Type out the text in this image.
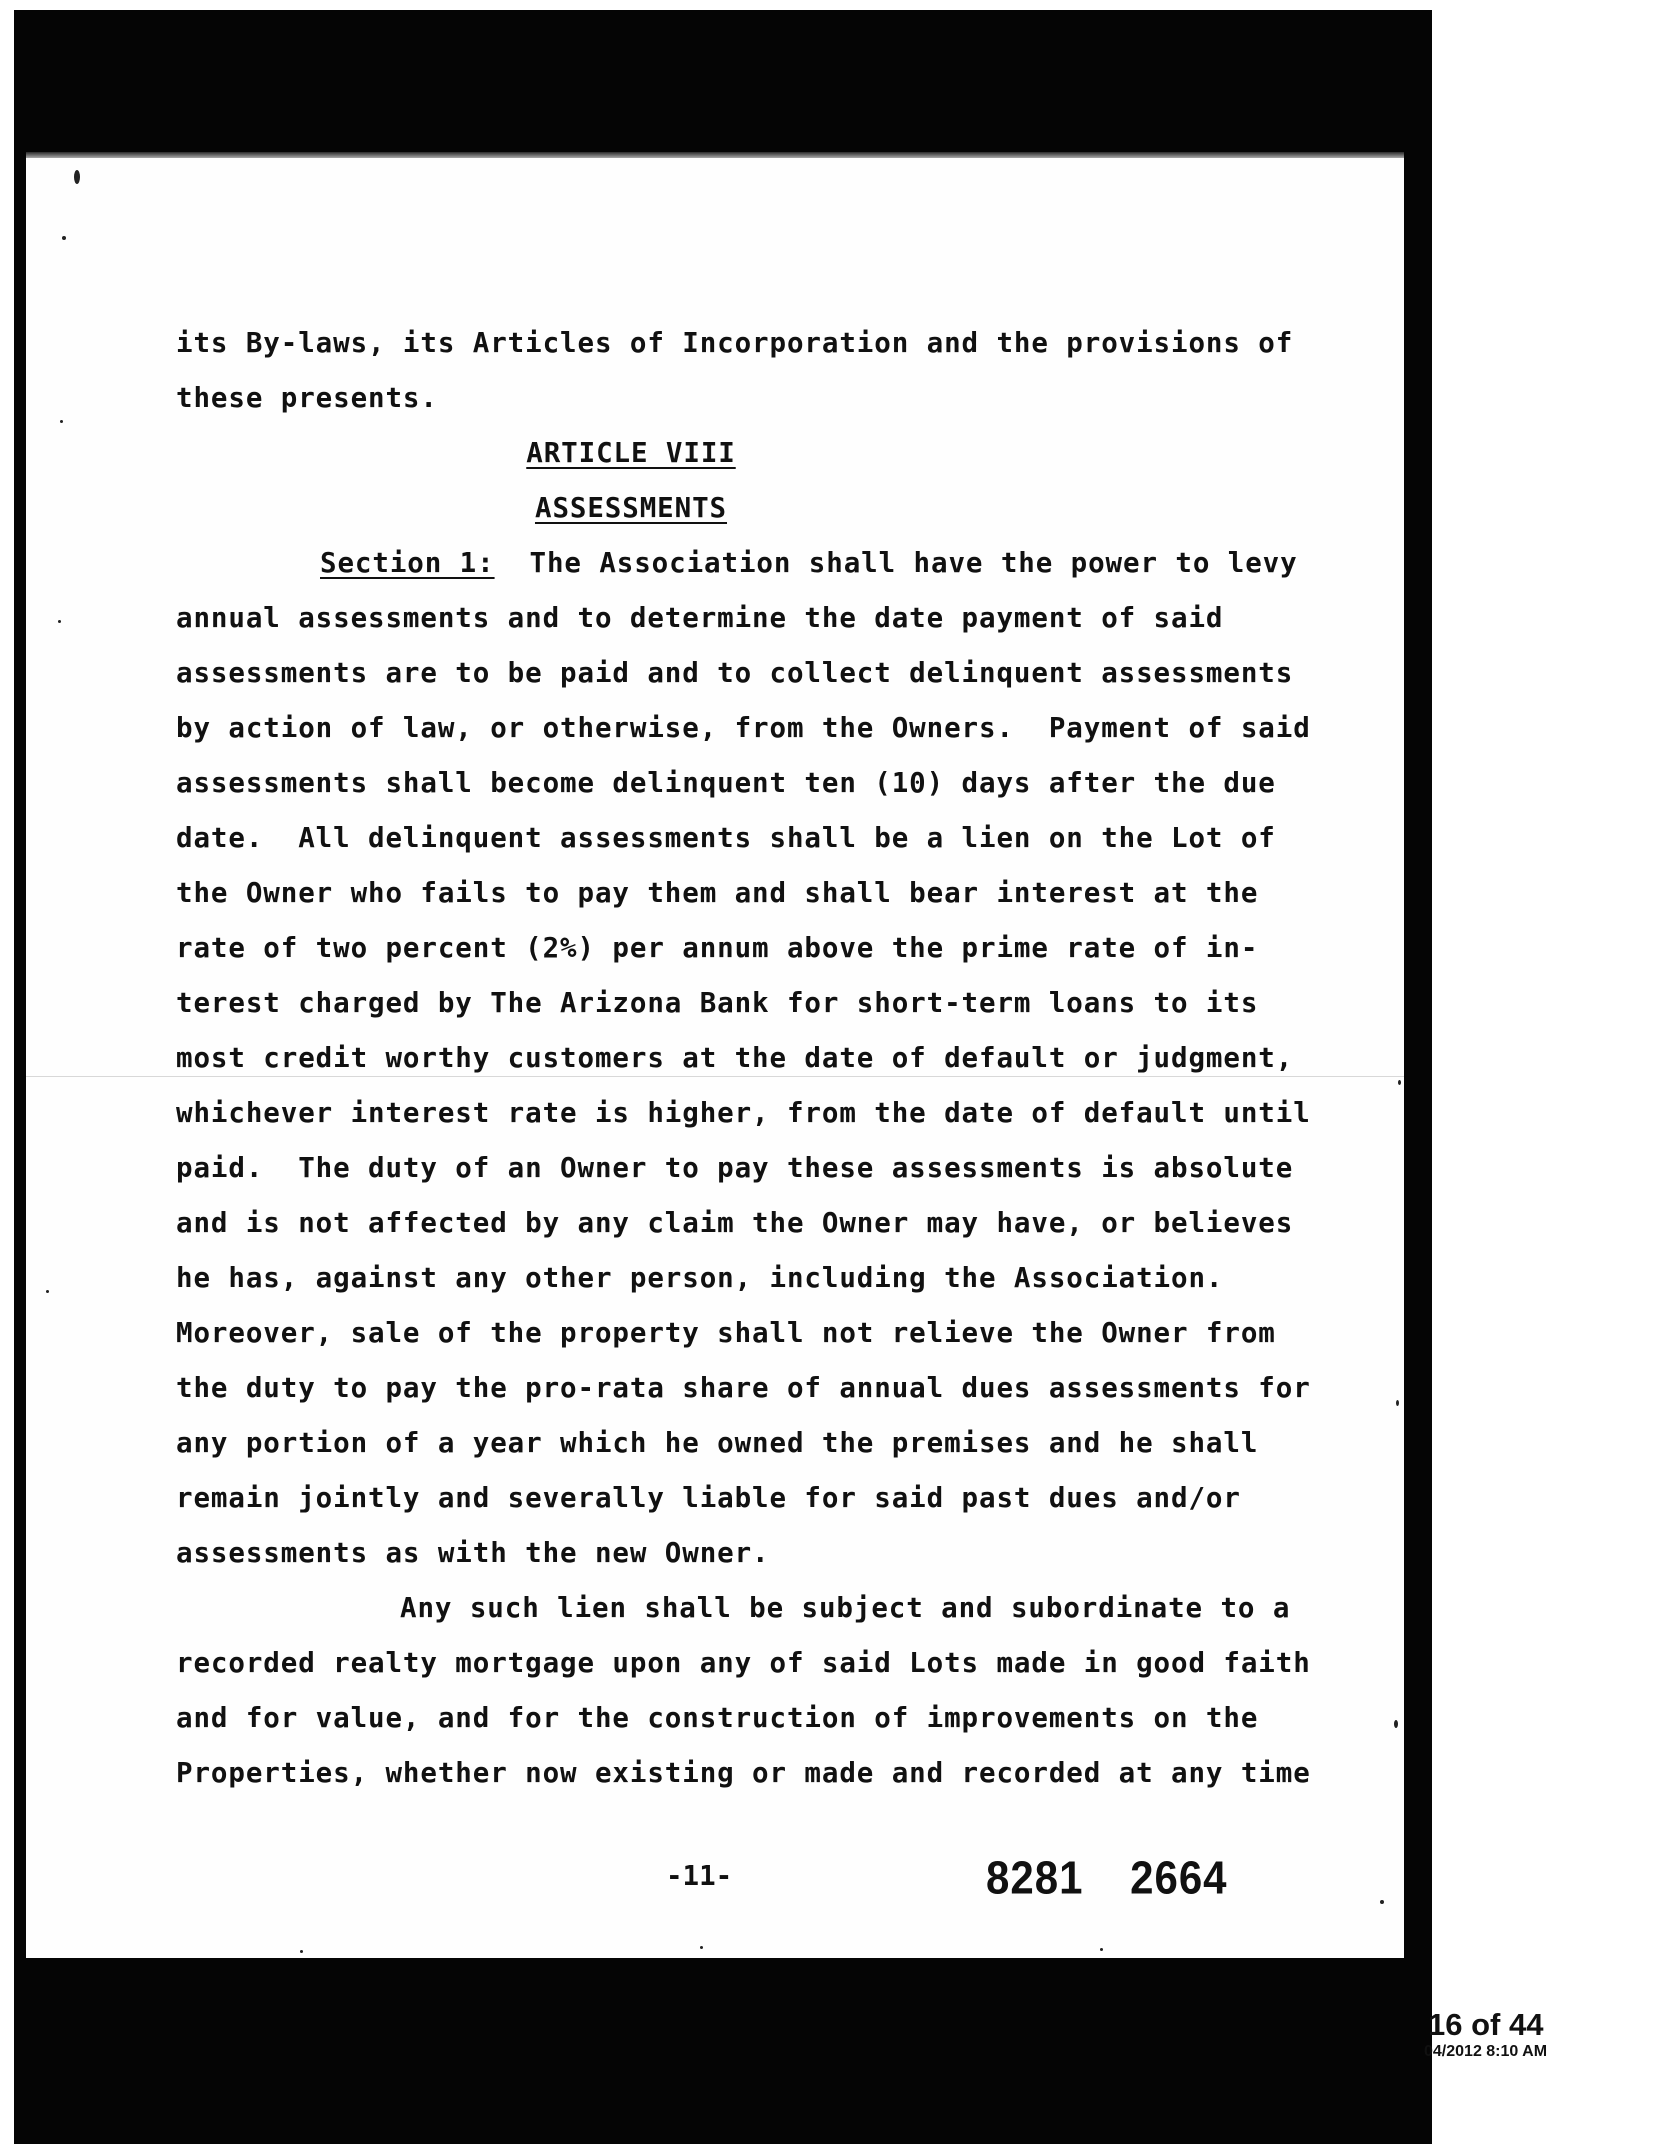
its By-laws, its Articles of Incorporation and the provisions of
these presents.
ARTICLE VIII
ASSESSMENTS
Section 1:  The Association shall have the power to levy
annual assessments and to determine the date payment of said
assessments are to be paid and to collect delinquent assessments
by action of law, or otherwise, from the Owners.  Payment of said
assessments shall become delinquent ten (10) days after the due
date.  All delinquent assessments shall be a lien on the Lot of
the Owner who fails to pay them and shall bear interest at the
rate of two percent (2%) per annum above the prime rate of in-
terest charged by The Arizona Bank for short-term loans to its
most credit worthy customers at the date of default or judgment,
whichever interest rate is higher, from the date of default until
paid.  The duty of an Owner to pay these assessments is absolute
and is not affected by any claim the Owner may have, or believes
he has, against any other person, including the Association.
Moreover, sale of the property shall not relieve the Owner from
the duty to pay the pro-rata share of annual dues assessments for
any portion of a year which he owned the premises and he shall
remain jointly and severally liable for said past dues and/or
assessments as with the new Owner.
Any such lien shall be subject and subordinate to a
recorded realty mortgage upon any of said Lots made in good faith
and for value, and for the construction of improvements on the
Properties, whether now existing or made and recorded at any time
-11-	8281 2664
16 of 44
04/2012 8:10 AM
